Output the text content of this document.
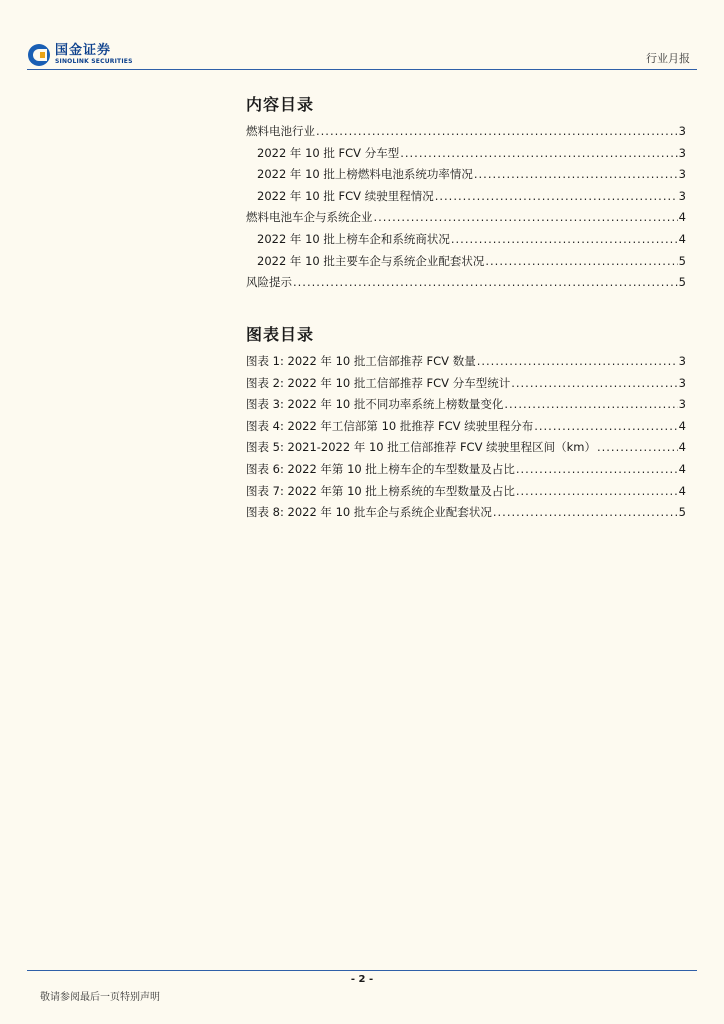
国金证券
SINOLINK SECURITIES	行业月报
内容目录
燃料电池行业 .....	3
2022 年 10 批 FCV 分车型 .....	3
2022 年 10 批上榜燃料电池系统功率情况 .....	3
2022 年 10 批 FCV 续驶里程情况 .....	3
燃料电池车企与系统企业 .....	4
2022 年 10 批上榜车企和系统商状况 .....	4
2022 年 10 批主要车企与系统企业配套状况 .....	5
风险提示 .....	5
图表目录
图表 1: 2022 年 10 批工信部推荐 FCV 数量 .....	3
图表 2: 2022 年 10 批工信部推荐 FCV 分车型统计 .....	3
图表 3: 2022 年 10 批不同功率系统上榜数量变化 .....	3
图表 4: 2022 年工信部第 10 批推荐 FCV 续驶里程分布 .....	4
图表 5: 2021-2022 年 10 批工信部推荐 FCV 续驶里程区间（km） .....	4
图表 6: 2022 年第 10 批上榜车企的车型数量及占比 .....	4
图表 7: 2022 年第 10 批上榜系统的车型数量及占比 .....	4
图表 8: 2022 年 10 批车企与系统企业配套状况 .....	5
- 2 -
敬请参阅最后一页特别声明
